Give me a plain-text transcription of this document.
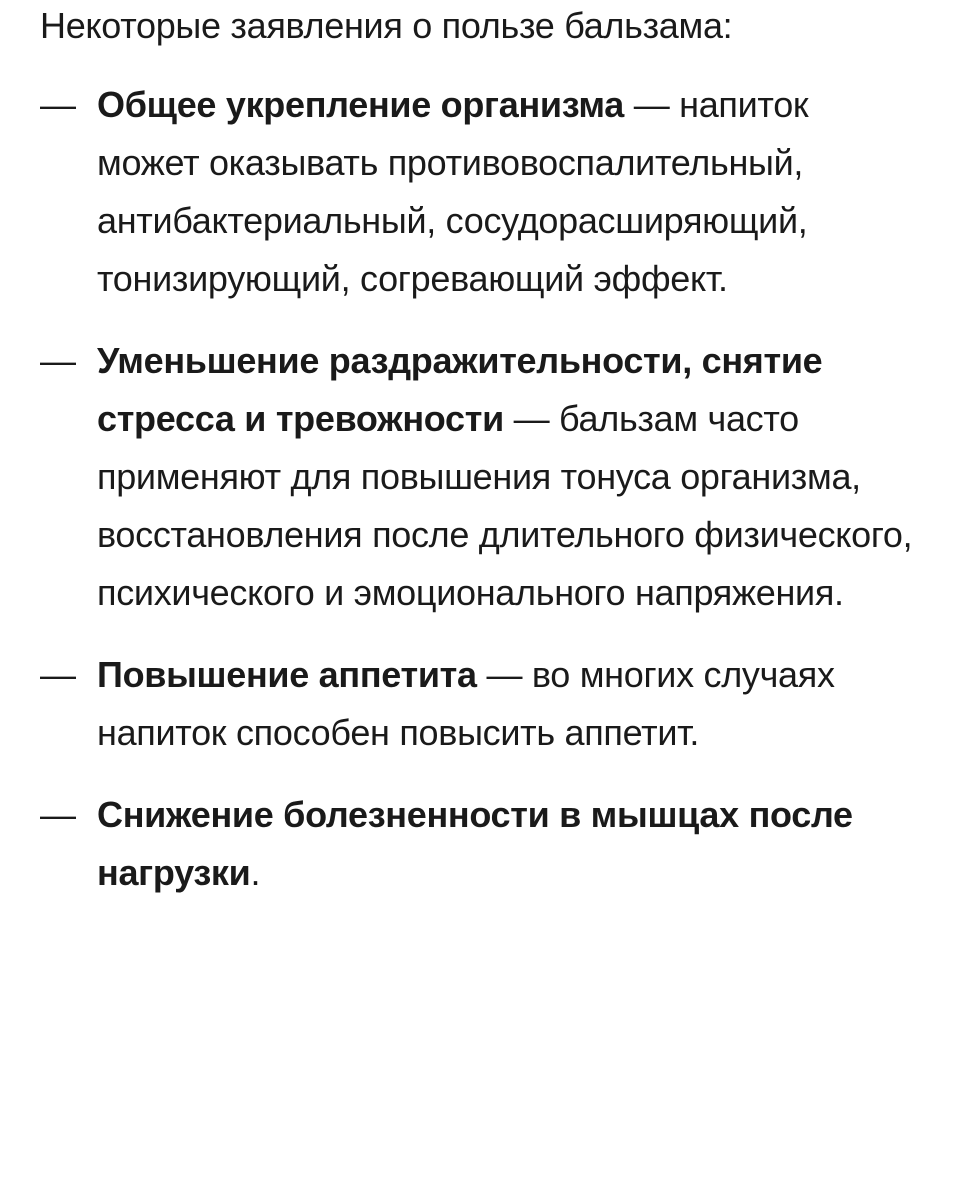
Некоторые заявления о пользе бальзама:

— Общее укрепление организма — напиток может оказывать противовоспалительный, антибактериальный, сосудорасширяющий, тонизирующий, согревающий эффект.
— Уменьшение раздражительности, снятие стресса и тревожности — бальзам часто применяют для повышения тонуса организма, восстановления после длительного физического, психического и эмоционального напряжения.
— Повышение аппетита — во многих случаях напиток способен повысить аппетит.
— Снижение болезненности в мышцах после нагрузки.
